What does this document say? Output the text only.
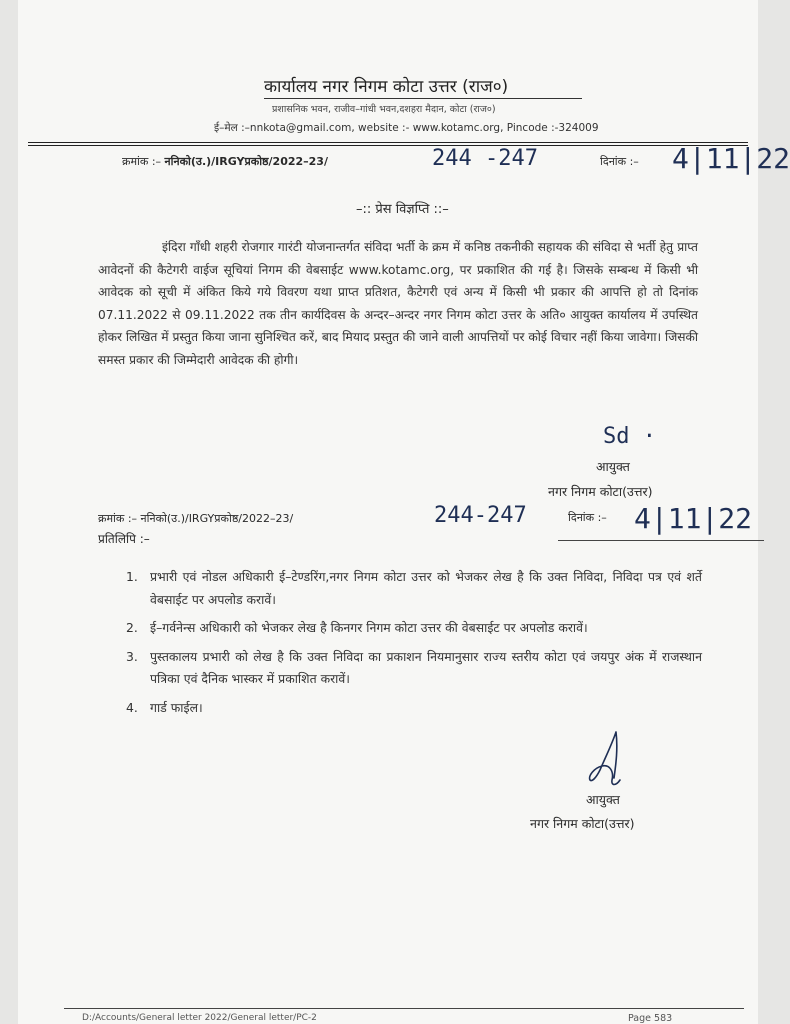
कार्यालय नगर निगम कोटा उत्तर (राज०)
प्रशासनिक भवन, राजीव–गांधी भवन,दशहरा मैदान, कोटा (राज०)
ई–मेल :–nnkota@gmail.com, website :- www.kotamc.org, Pincode :-324009
क्रमांक :– ननिको(उ.)/IRGYप्रकोष्ठ/2022–23/	244 -247	दिनांक :– 4|11|22
–:: प्रेस विज्ञप्ति ::–
इंदिरा गाँधी शहरी रोजगार गारंटी योजनान्तर्गत संविदा भर्ती के क्रम में कनिष्ठ तकनीकी सहायक की संविदा से भर्ती हेतु प्राप्त आवेदनों की कैटेगरी वाईज सूचियां निगम की वेबसाईट www.kotamc.org, पर प्रकाशित की गई है। जिसके सम्बन्ध में किसी भी आवेदक को सूची में अंकित किये गये विवरण यथा प्राप्त प्रतिशत, कैटेगरी एवं अन्य में किसी भी प्रकार की आपत्ति हो तो दिनांक 07.11.2022 से 09.11.2022 तक तीन कार्यदिवस के अन्दर–अन्दर नगर निगम कोटा उत्तर के अति० आयुक्त कार्यालय में उपस्थित होकर लिखित में प्रस्तुत किया जाना सुनिश्चित करें, बाद मियाद प्रस्तुत की जाने वाली आपत्तियों पर कोई विचार नहीं किया जावेगा। जिसकी समस्त प्रकार की जिम्मेदारी आवेदक की होगी।
Sd ·
आयुक्त
नगर निगम कोटा(उत्तर)
क्रमांक :– ननिको(उ.)/IRGYप्रकोष्ठ/2022–23/	244-247	दिनांक :– 4|11|22
प्रतिलिपि :–
1. प्रभारी एवं नोडल अधिकारी ई–टेण्डरिंग,नगर निगम कोटा उत्तर को भेजकर लेख है कि उक्त निविदा, निविदा पत्र एवं शर्ते वेबसाईट पर अपलोड करावें।
2. ई–गर्वनेन्स अधिकारी को भेजकर लेख है किनगर निगम कोटा उत्तर की वेबसाईट पर अपलोड करावें।
3. पुस्तकालय प्रभारी को लेख है कि उक्त निविदा का प्रकाशन नियमानुसार राज्य स्तरीय कोटा एवं जयपुर अंक में राजस्थान पत्रिका एवं दैनिक भास्कर में प्रकाशित करावें।
4. गार्ड फाईल।
आयुक्त
नगर निगम कोटा(उत्तर)
D:/Accounts/General letter 2022/General letter/PC-2	Page 583
